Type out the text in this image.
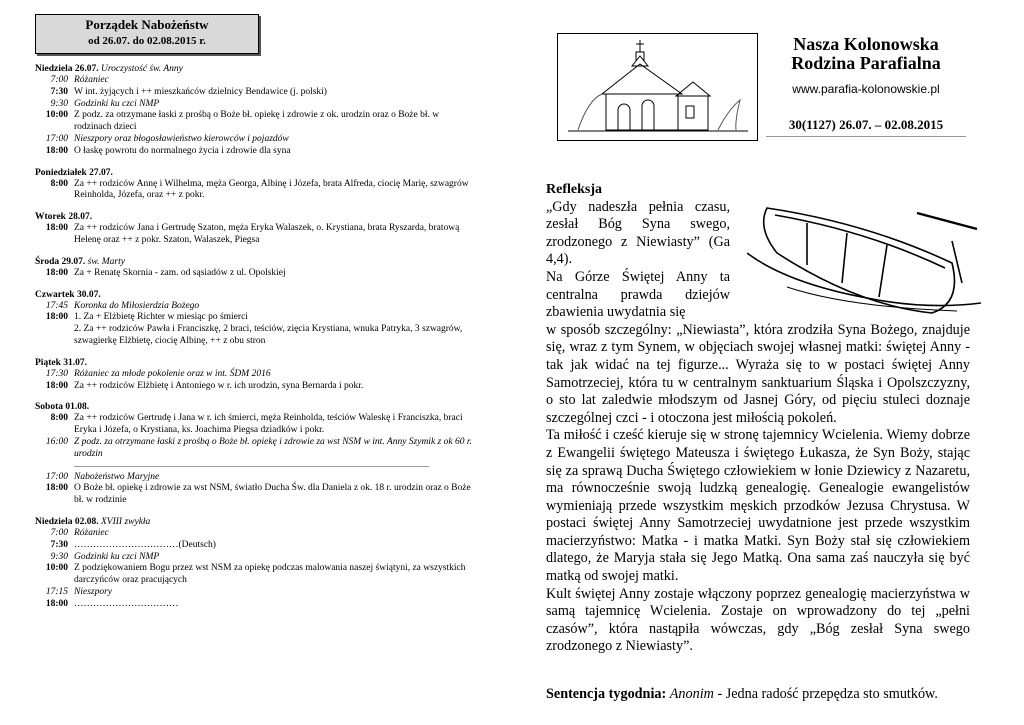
Porządek Nabożeństw
od 26.07. do 02.08.2015 r.
Niedziela 26.07. Uroczystość św. Anny
7:00 Różaniec
7:30 W int. żyjących i ++ mieszkańców dzielnicy Bendawice (j. polski)
9:30 Godzinki ku czci NMP
10:00 Z podz. za otrzymane łaski z prośbą o Boże bł. opiekę i zdrowie z ok. urodzin oraz o Boże bł. w rodzinach dzieci
17:00 Nieszpory oraz błogosławieństwo kierowców i pojazdów
18:00 O łaskę powrotu do normalnego życia i zdrowie dla syna
Poniedziałek 27.07.
8:00 Za ++ rodziców Annę i Wilhelma, męża Georga, Albinę i Józefa, brata Alfreda, ciocię Marię, szwagrów Reinholda, Józefa, oraz ++ z pokr.
Wtorek 28.07.
18:00 Za ++ rodziców Jana i Gertrudę Szaton, męża Eryka Walaszek, o. Krystiana, brata Ryszarda, bratową Helenę oraz ++ z pokr. Szaton, Walaszek, Piegsa
Środa 29.07. św. Marty
18:00 Za + Renatę Skornia - zam. od sąsiadów z ul. Opolskiej
Czwartek 30.07.
17:45 Koronka do Miłosierdzia Bożego
18:00 1. Za + Elżbietę Richter w miesiąc po śmierci
2. Za ++ rodziców Pawła i Franciszkę, 2 braci, teściów, zięcia Krystiana, wnuka Patryka, 3 szwagrów, szwagierkę Elżbietę, ciocię Albinę, ++ z obu stron
Piątek 31.07.
17:30 Różaniec za młode pokolenie oraz w int. ŚDM 2016
18:00 Za ++ rodziców Elżbietę i Antoniego w r. ich urodzin, syna Bernarda i pokr.
Sobota 01.08.
8:00 Za ++ rodziców Gertrudę i Jana w r. ich śmierci, męża Reinholda, teściów Waleskę i Franciszka, braci Eryka i Józefa, o Krystiana, ks. Joachima Piegsa dziadków i pokr.
16:00 Z podz. za otrzymane łaski z prośbą o Boże bł. opiekę i zdrowie za wst NSM w int. Anny Szymik z ok 60 r. urodzin
17:00 Nabożeństwo Maryjne
18:00 O Boże bł. opiekę i zdrowie za wst NSM, światło Ducha Św. dla Daniela z ok. 18 r. urodzin oraz o Boże bł. w rodzinie
Niedziela 02.08. XVIII zwykła
7:00 Różaniec
7:30 ……………………………(Deutsch)
9:30 Godzinki ku czci NMP
10:00 Z podziękowaniem Bogu przez wst NSM za opiekę podczas malowania naszej świątyni, za wszystkich darczyńców oraz pracujących
17:15 Nieszpory
18:00 ……………………………
Nasza Kolonowska
Rodzina Parafialna
www.parafia-kolonowskie.pl
30(1127) 26.07. – 02.08.2015
Refleksja
„Gdy nadeszła pełnia czasu, zesłał Bóg Syna swego, zrodzonego z Niewiasty” (Ga 4,4).
Na Górze Świętej Anny ta centralna prawda dziejów zbawienia uwydatnia się
w sposób szczególny: „Niewiasta”, która zrodziła Syna Bożego, znajduje się, wraz z tym Synem, w objęciach swojej własnej matki: świętej Anny - tak jak widać na tej figurze... Wyraża się to w postaci świętej Anny Samotrzeciej, która tu w centralnym sanktuarium Śląska i Opolszczyzny, o sto lat zaledwie młodszym od Jasnej Góry, od pięciu stuleci doznaje szczególnej czci - i otoczona jest miłością pokoleń.
Ta miłość i cześć kieruje się w stronę tajemnicy Wcielenia. Wiemy dobrze z Ewangelii świętego Mateusza i świętego Łukasza, że Syn Boży, stając się za sprawą Ducha Świętego człowiekiem w łonie Dziewicy z Nazaretu, ma równocześnie swoją ludzką genealogię. Genealogie ewangelistów wymieniają przede wszystkim męskich przodków Jezusa Chrystusa. W postaci świętej Anny Samotrzeciej uwydatnione jest przede wszystkim macierzyństwo: Matka - i matka Matki. Syn Boży stał się człowiekiem dlatego, że Maryja stała się Jego Matką. Ona sama zaś nauczyła się być matką od swojej matki.
Kult świętej Anny zostaje włączony poprzez genealogię macierzyństwa w samą tajemnicę Wcielenia. Zostaje on wprowadzony do tej „pełni czasów”, która nastąpiła wówczas, gdy „Bóg zesłał Syna swego zrodzonego z Niewiasty”.
Sentencja tygodnia: Anonim - Jedna radość przepędza sto smutków.
